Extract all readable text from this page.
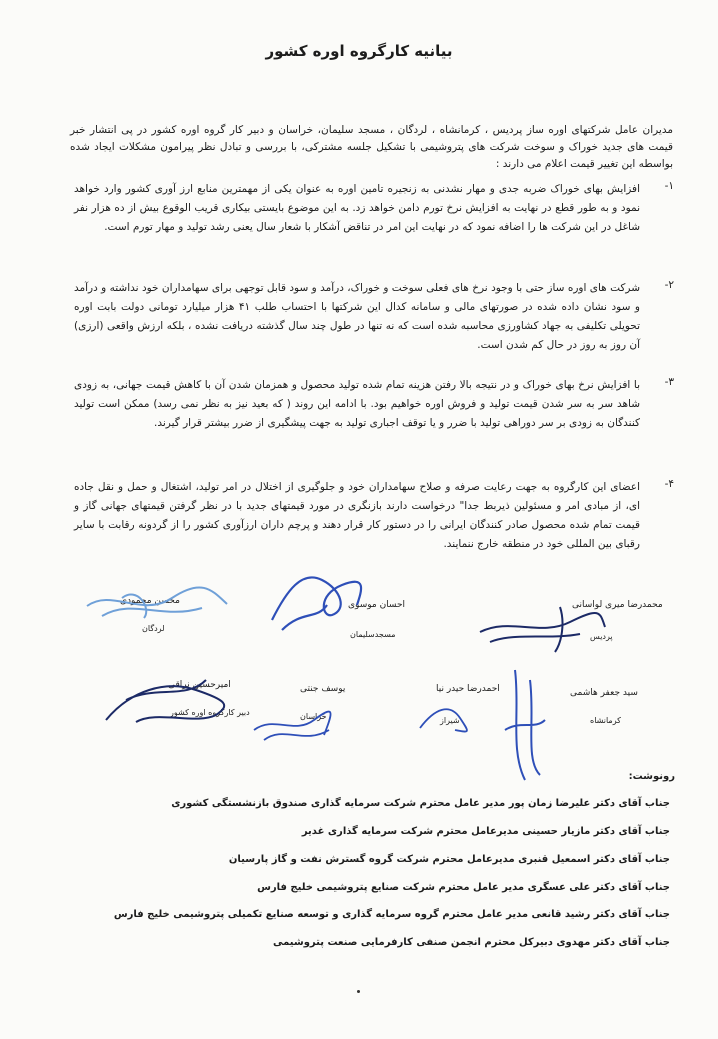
بیانیه کارگروه اوره کشور
مدیران عامل شرکتهای اوره ساز پردیس ، کرمانشاه ، لردگان ، مسجد سلیمان، خراسان و دبیر کار گروه اوره کشور در پی انتشار خبر قیمت های جدید خوراک و سوخت شرکت های پتروشیمی با تشکیل جلسه مشترکی، با بررسی و تبادل نظر پیرامون مشکلات ایجاد شده بواسطه این تغییر قیمت اعلام می دارند :
۱-
افزایش بهای خوراک ضربه جدی و مهار نشدنی به زنجیره تامین اوره به عنوان یکی از مهمترین منابع ارز آوری کشور وارد خواهد نمود و به طور قطع در نهایت به افزایش نرخ تورم دامن خواهد زد. به این موضوع بایستی بیکاری قریب الوقوع بیش از ده هزار نفر شاغل در این شرکت ها را اضافه نمود که در نهایت این امر در تناقض آشکار با شعار سال یعنی رشد تولید و مهار تورم است.
۲-
شرکت های اوره ساز حتی با وجود نرخ های فعلی سوخت و خوراک، درآمد و سود قابل توجهی برای سهامداران خود نداشته و درآمد و سود نشان داده شده در صورتهای مالی و سامانه کدال این شرکتها با احتساب طلب ۴۱ هزار میلیارد تومانی دولت بابت اوره تحویلی تکلیفی به جهاد کشاورزی محاسبه شده است که نه تنها در طول چند سال گذشته دریافت نشده ، بلکه ارزش واقعی (ارزی) آن روز به روز در حال کم شدن است.
۳-
با افزایش نرخ بهای خوراک و در نتیجه بالا رفتن هزینه تمام شده تولید محصول و همزمان شدن آن با کاهش قیمت جهانی، به زودی شاهد سر به سر شدن قیمت تولید و فروش اوره خواهیم بود. با ادامه این روند ( که بعید نیز به نظر نمی رسد) ممکن است تولید کنندگان به زودی بر سر دوراهی تولید با ضرر و یا توقف اجباری تولید به جهت پیشگیری از ضرر بیشتر قرار گیرند.
۴-
اعضای این کارگروه به جهت رعایت صرفه و صلاح سهامداران خود و جلوگیری از اختلال در امر تولید، اشتغال و حمل و نقل جاده ای، از مبادی امر و مسئولین ذیربط جدا" درخواست دارند بازنگری در مورد قیمتهای جدید با در نظر گرفتن قیمتهای جهانی گاز و قیمت تمام شده محصول صادر کنندگان ایرانی را در دستور کار قرار دهند و پرچم داران ارزآوری کشور را از گردونه رقابت با سایر رقبای بین المللی خود در منطقه خارج ننمایند.
محسن محمودی
لردگان
احسان موسوی
مسجدسلیمان
محمدرضا میری لواسانی
پردیس
امیرحسین نراقی
دبیر کارگروه اوره کشور
یوسف جنتی
خراسان
احمدرضا حیدر نیا
شیراز
سید جعفر هاشمی
کرمانشاه
رونوشت:
جناب آقای دکتر علیرضا زمان پور مدیر عامل محترم شرکت سرمایه گذاری صندوق بازنشستگی کشوری
جناب آقای دکتر مازیار حسینی مدیرعامل محترم شرکت سرمایه گذاری غدیر
جناب آقای دکتر اسمعیل قنبری مدیرعامل محترم شرکت گروه گسترش نفت و گاز پارسیان
جناب آقای دکتر علی عسگری مدیر عامل محترم شرکت صنایع پتروشیمی خلیج فارس
جناب آقای دکتر رشید قانعی مدیر عامل محترم گروه سرمایه گذاری و توسعه صنایع تکمیلی پتروشیمی خلیج فارس
جناب آقای دکتر مهدوی دبیرکل محترم انجمن صنفی کارفرمایی صنعت پتروشیمی
